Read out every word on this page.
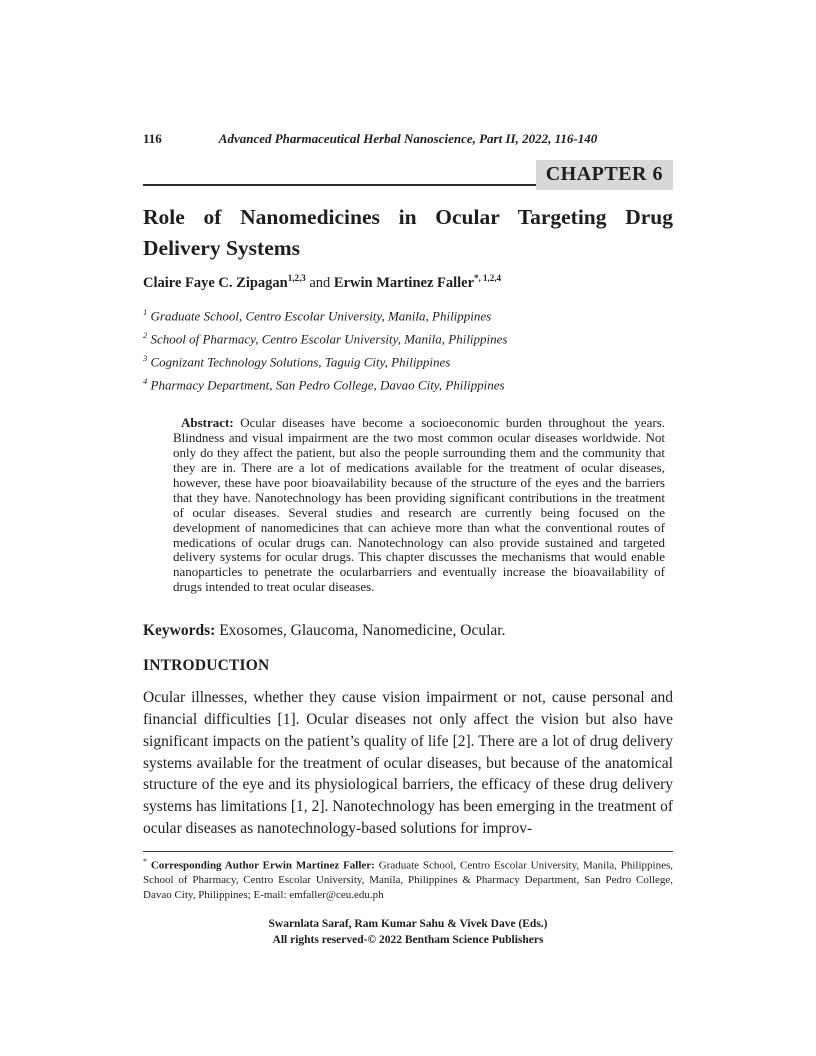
116	Advanced Pharmaceutical Herbal Nanoscience, Part II, 2022, 116-140
CHAPTER 6
Role of Nanomedicines in Ocular Targeting Drug Delivery Systems

Claire Faye C. Zipagan$^{1,2,3}$ and Erwin Martinez Faller$^{*, 1,2,4}$

$^1$ Graduate School, Centro Escolar University, Manila, Philippines

$^2$ School of Pharmacy, Centro Escolar University, Manila, Philippines

$^3$ Cognizant Technology Solutions, Taguig City, Philippines

$^4$ Pharmacy Department, San Pedro College, Davao City, Philippines

Abstract: Ocular diseases have become a socioeconomic burden throughout the years. Blindness and visual impairment are the two most common ocular diseases worldwide. Not only do they affect the patient, but also the people surrounding them and the community that they are in. There are a lot of medications available for the treatment of ocular diseases, however, these have poor bioavailability because of the structure of the eyes and the barriers that they have. Nanotechnology has been providing significant contributions in the treatment of ocular diseases. Several studies and research are currently being focused on the development of nanomedicines that can achieve more than what the conventional routes of medications of ocular drugs can. Nanotechnology can also provide sustained and targeted delivery systems for ocular drugs. This chapter discusses the mechanisms that would enable nanoparticles to penetrate the ocularbarriers and eventually increase the bioavailability of drugs intended to treat ocular diseases.

Keywords: Exosomes, Glaucoma, Nanomedicine, Ocular.

INTRODUCTION

Ocular illnesses, whether they cause vision impairment or not, cause personal and financial difficulties [1]. Ocular diseases not only affect the vision but also have significant impacts on the patient’s quality of life [2]. There are a lot of drug delivery systems available for the treatment of ocular diseases, but because of the anatomical structure of the eye and its physiological barriers, the efficacy of these drug delivery systems has limitations [1, 2]. Nanotechnology has been emerging in the treatment of ocular diseases as nanotechnology-based solutions for improv-

* Corresponding Author Erwin Martinez Faller: Graduate School, Centro Escolar University, Manila, Philippines, School of Pharmacy, Centro Escolar University, Manila, Philippines & Pharmacy Department, San Pedro College, Davao City, Philippines; E-mail: emfaller@ceu.edu.ph
Swarnlata Saraf, Ram Kumar Sahu & Vivek Dave (Eds.)
All rights reserved-© 2022 Bentham Science Publishers
